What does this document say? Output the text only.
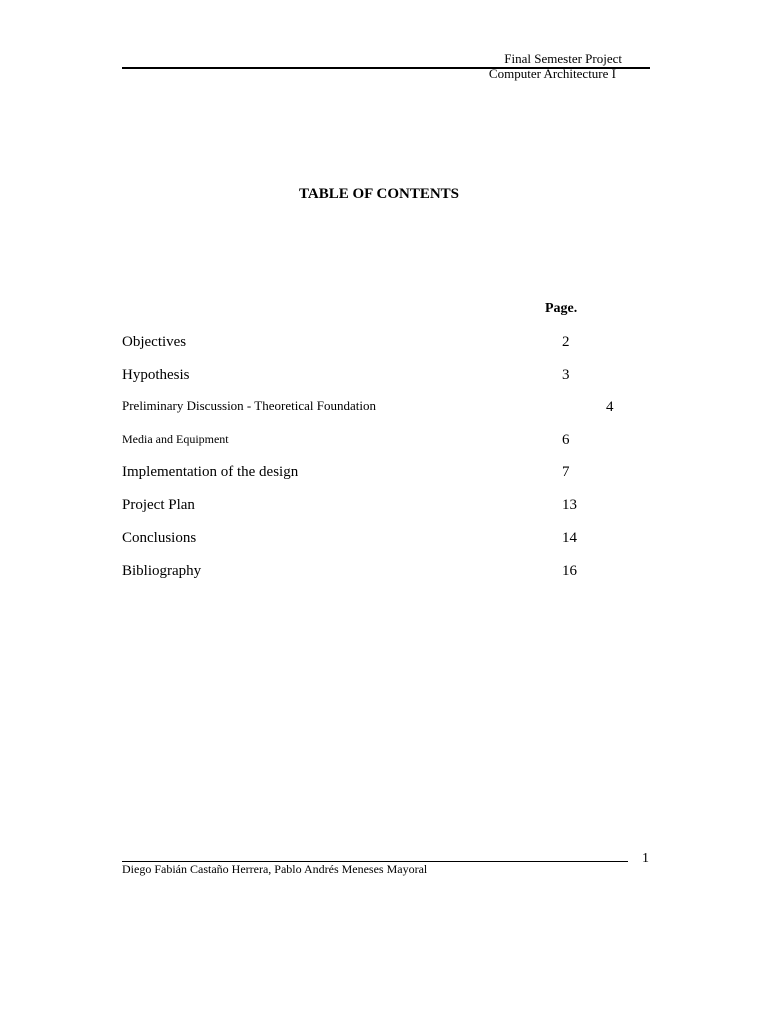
Final Semester Project
Computer Architecture I
TABLE OF CONTENTS
Page.
Objectives	2
Hypothesis	3
Preliminary Discussion - Theoretical Foundation	4
Media and Equipment	6
Implementation of the design	7
Project Plan	13
Conclusions	14
Bibliography	16
1
Diego Fabián Castaño Herrera, Pablo Andrés Meneses Mayoral
